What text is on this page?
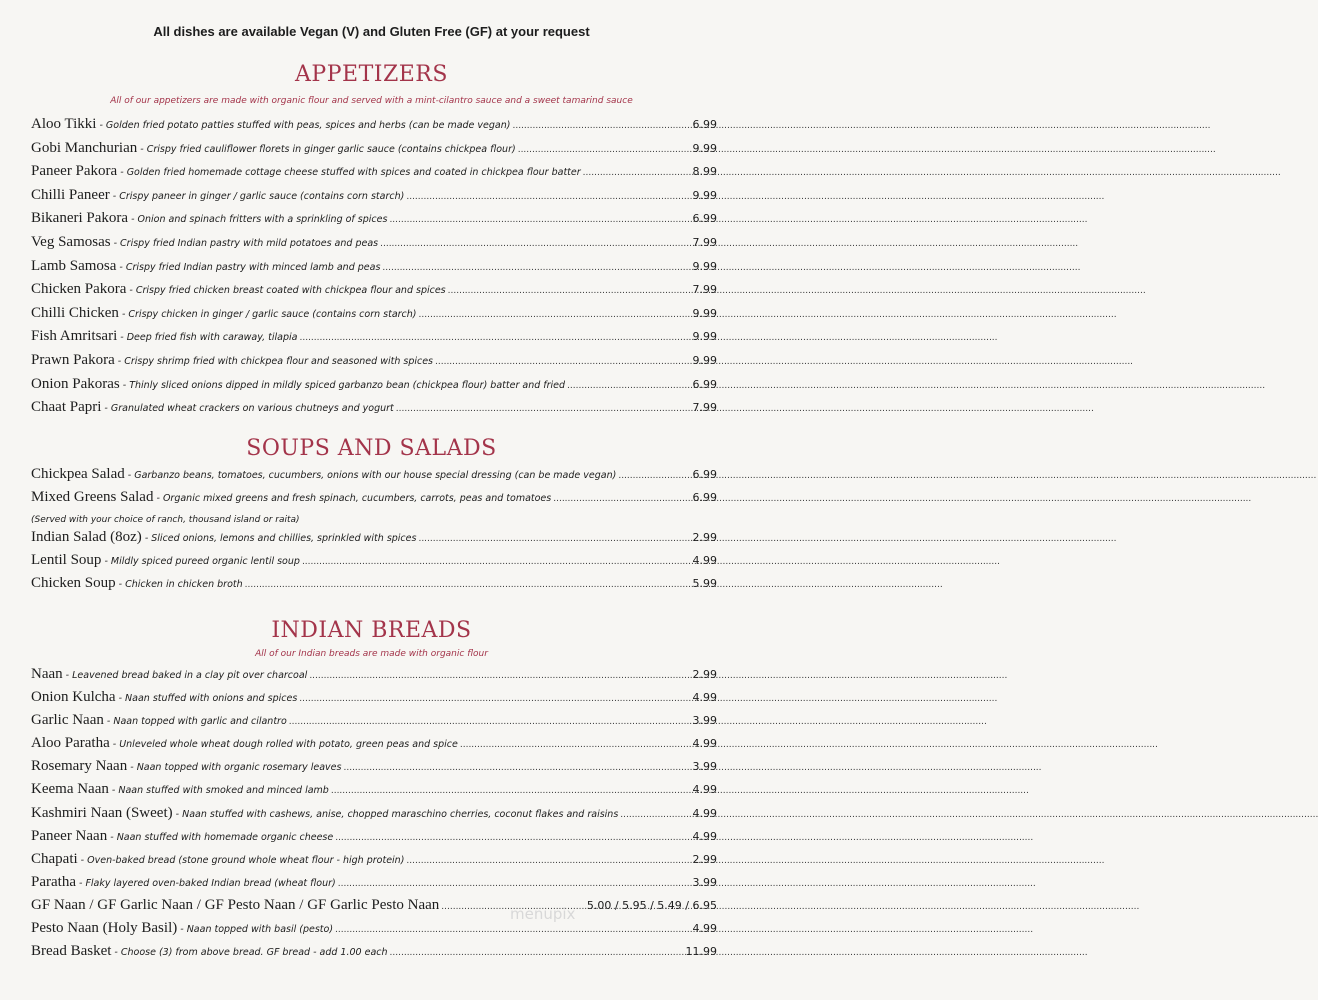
All dishes are available Vegan (V) and Gluten Free (GF) at your request
APPETIZERS
All of our appetizers are made with organic flour and served with a mint-cilantro sauce and a sweet tamarind sauce
Aloo Tikki - Golden fried potato patties stuffed with peas, spices and herbs (can be made vegan) .....	6.99
Gobi Manchurian - Crispy fried cauliflower florets in ginger garlic sauce (contains chickpea flour) .....	9.99
Paneer Pakora - Golden fried homemade cottage cheese stuffed with spices and coated in chickpea flour batter .....	8.99
Chilli Paneer - Crispy paneer in ginger / garlic sauce (contains corn starch) .....	9.99
Bikaneri Pakora - Onion and spinach fritters with a sprinkling of spices .....	6.99
Veg Samosas - Crispy fried Indian pastry with mild potatoes and peas .....	7.99
Lamb Samosa - Crispy fried Indian pastry with minced lamb and peas .....	9.99
Chicken Pakora - Crispy fried chicken breast coated with chickpea flour and spices .....	7.99
Chilli Chicken - Crispy chicken in ginger / garlic sauce (contains corn starch) .....	9.99
Fish Amritsari - Deep fried fish with caraway, tilapia .....	9.99
Prawn Pakora - Crispy shrimp fried with chickpea flour and seasoned with spices .....	9.99
Onion Pakoras - Thinly sliced onions dipped in mildly spiced garbanzo bean (chickpea flour) batter and fried .....	6.99
Chaat Papri - Granulated wheat crackers on various chutneys and yogurt .....	7.99
SOUPS AND SALADS
Chickpea Salad - Garbanzo beans, tomatoes, cucumbers, onions with our house special dressing (can be made vegan) .....	6.99
Mixed Greens Salad - Organic mixed greens and fresh spinach, cucumbers, carrots, peas and tomatoes .....	6.99
(Served with your choice of ranch, thousand island or raita)
Indian Salad (8oz) - Sliced onions, lemons and chillies, sprinkled with spices .....	2.99
Lentil Soup - Mildly spiced pureed organic lentil soup .....	4.99
Chicken Soup - Chicken in chicken broth .....	5.99
INDIAN BREADS
All of our Indian breads are made with organic flour
Naan - Leavened bread baked in a clay pit over charcoal .....	2.99
Onion Kulcha - Naan stuffed with onions and spices .....	4.99
Garlic Naan - Naan topped with garlic and cilantro .....	3.99
Aloo Paratha - Unleveled whole wheat dough rolled with potato, green peas and spice .....	4.99
Rosemary Naan - Naan topped with organic rosemary leaves .....	3.99
Keema Naan - Naan stuffed with smoked and minced lamb .....	4.99
Kashmiri Naan (Sweet) - Naan stuffed with cashews, anise, chopped maraschino cherries, coconut flakes and raisins .....	4.99
Paneer Naan - Naan stuffed with homemade organic cheese .....	4.99
Chapati - Oven-baked bread (stone ground whole wheat flour - high protein) .....	2.99
Paratha - Flaky layered oven-baked Indian bread (wheat flour) .....	3.99
GF Naan / GF Garlic Naan / GF Pesto Naan / GF Garlic Pesto Naan .....	5.00 / 5.95 / 5.49 / 6.95
Pesto Naan (Holy Basil) - Naan topped with basil (pesto) .....	4.99
Bread Basket - Choose (3) from above bread. GF bread - add 1.00 each .....	11.99
menupix
